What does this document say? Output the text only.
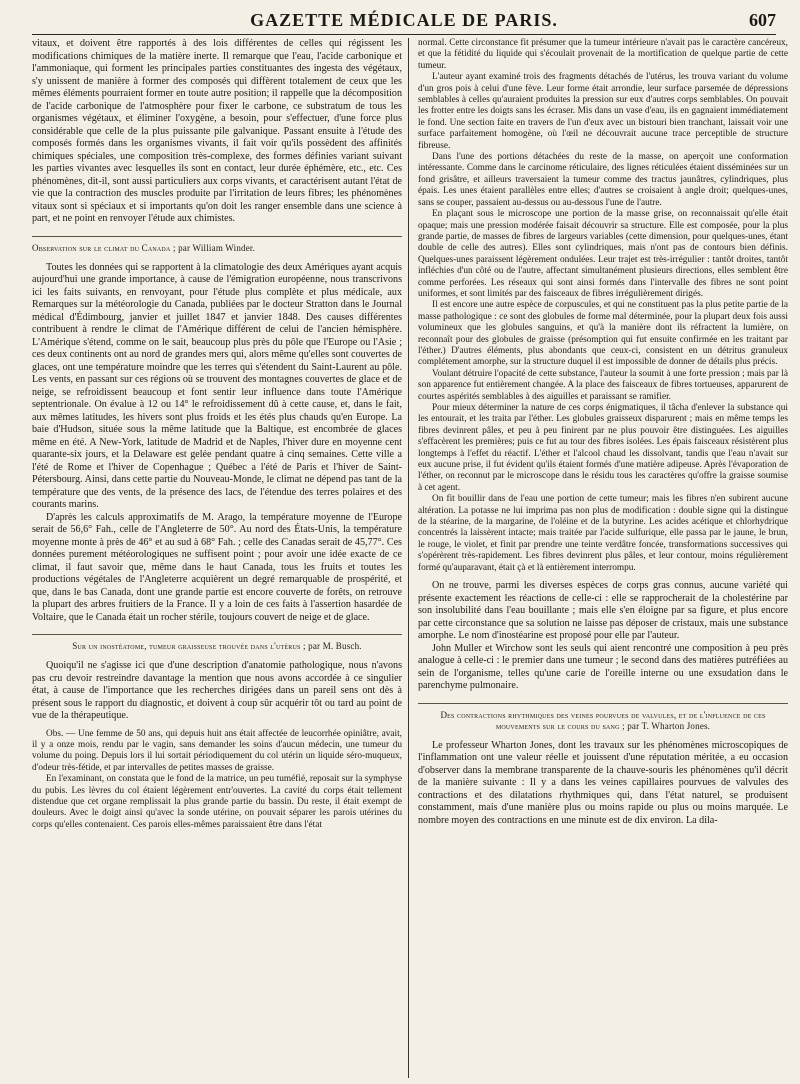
GAZETTE MÉDICALE DE PARIS.	607

vitaux, et doivent être rapportés à des lois différentes de celles qui régissent les modifications chimiques de la matière inerte. Il remarque que l'eau, l'acide carbonique et l'ammoniaque, qui forment les principales parties constituantes des ingesta des végétaux, s'y unissent de manière à former des composés qui diffèrent totalement de ceux que les mêmes éléments pourraient former en toute autre position; il rappelle que la décomposition de l'acide carbonique de l'atmosphère pour fixer le carbone, ce substratum de tous les organismes végétaux, et éliminer l'oxygène, a besoin, pour s'effectuer, d'une force plus considérable que celle de la plus puissante pile galvanique. Passant ensuite à l'étude des composés formés dans les organismes vivants, il fait voir qu'ils possèdent des affinités chimiques spéciales, une composition très-complexe, des formes définies variant suivant les parties vivantes avec lesquelles ils sont en contact, leur durée éphémère, etc., etc. Ces phénomènes, dit-il, sont aussi particuliers aux corps vivants, et caractérisent autant l'état de vie que la contraction des muscles produite par l'irritation de leurs fibres; les phénomènes vitaux sont si spéciaux et si importants qu'on doit les ranger ensemble dans une science à part, et ne point en renvoyer l'étude aux chimistes.

Observation sur le climat du Canada ; par William Winder.

Toutes les données qui se rapportent à la climatologie des deux Amériques ayant acquis aujourd'hui une grande importance, à cause de l'émigration européenne, nous transcrivons ici les faits suivants, en renvoyant, pour l'étude plus complète et plus médicale, aux Remarques sur la météorologie du Canada, publiées par le docteur Stratton dans le Journal médical d'Édimbourg, janvier et juillet 1847 et janvier 1848. Des causes différentes contribuent à rendre le climat de l'Amérique différent de celui de l'ancien hémisphère. L'Amérique s'étend, comme on le sait, beaucoup plus près du pôle que l'Europe ou l'Asie ; ces deux continents ont au nord de grandes mers qui, alors même qu'elles sont couvertes de glaces, ont une température moindre que les terres qui s'étendent du Saint-Laurent au pôle. Les vents, en passant sur ces régions où se trouvent des montagnes couvertes de glace et de neige, se refroidissent beaucoup et font sentir leur influence dans toute l'Amérique septentrionale. On évalue à 12 ou 14° le refroidissement dû à cette cause, et, dans le fait, aux mêmes latitudes, les hivers sont plus froids et les étés plus chauds qu'en Europe. La baie d'Hudson, située sous la même latitude que la Baltique, est encombrée de glaces même en été. A New-York, latitude de Madrid et de Naples, l'hiver dure en moyenne cent quarante-six jours, et la Delaware est gelée pendant quatre à cinq semaines. Cette ville a l'été de Rome et l'hiver de Copenhague ; Québec a l'été de Paris et l'hiver de Saint-Pétersbourg. Ainsi, dans cette partie du Nouveau-Monde, le climat ne dépend pas tant de la température que des vents, de la présence des lacs, de l'étendue des terres polaires et des courants marins.

D'après les calculs approximatifs de M. Arago, la température moyenne de l'Europe serait de 56,6° Fah., celle de l'Angleterre de 50°. Au nord des États-Unis, la température moyenne monte à près de 46° et au sud à 68° Fah. ; celle des Canadas serait de 45,77°. Ces données purement météorologiques ne suffisent point ; pour avoir une idée exacte de ce climat, il faut savoir que, même dans le haut Canada, tous les fruits et toutes les productions végétales de l'Angleterre acquièrent un degré remarquable de prospérité, et que, dans le bas Canada, dont une grande partie est encore couverte de forêts, on retrouve la plupart des arbres fruitiers de la France. Il y a loin de ces faits à l'assertion hasardée de Voltaire, que le Canada était un rocher stérile, toujours couvert de neige et de glace.

Sur un inostéatome, tumeur graisseuse trouvée dans l'utérus ; par M. Busch.

Quoiqu'il ne s'agisse ici que d'une description d'anatomie pathologique, nous n'avons pas cru devoir restreindre davantage la mention que nous avons accordée à ce singulier état, à cause de l'importance que les recherches dirigées dans un pareil sens ont dès à présent sous le rapport du diagnostic, et doivent à coup sûr acquérir tôt ou tard au point de vue de la thérapeutique.

Obs. — Une femme de 50 ans, qui depuis huit ans était affectée de leucorrhée opiniâtre, avait, il y a onze mois, rendu par le vagin, sans demander les soins d'aucun médecin, une tumeur du volume du poing. Depuis lors il lui sortait périodiquement du col utérin un liquide séro-muqueux, d'odeur très-fétide, et par intervalles de petites masses de graisse.

En l'examinant, on constata que le fond de la matrice, un peu tuméfié, reposait sur la symphyse du pubis. Les lèvres du col étaient légèrement entr'ouvertes. La cavité du corps était tellement distendue que cet organe remplissait la plus grande partie du bassin. Du reste, il était exempt de douleurs. Avec le doigt ainsi qu'avec la sonde utérine, on pouvait séparer les parois utérines du corps qu'elles contenaient. Ces parois elles-mêmes paraissaient être dans l'état

normal. Cette circonstance fit présumer que la tumeur intérieure n'avait pas le caractère cancéreux, et que la fétidité du liquide qui s'écoulait provenait de la mortification de quelque partie de cette tumeur.

L'auteur ayant examiné trois des fragments détachés de l'utérus, les trouva variant du volume d'un gros pois à celui d'une fève. Leur forme était arrondie, leur surface parsemée de dépressions semblables à celles qu'auraient produites la pression sur eux d'autres corps semblables. On pouvait les frotter entre les doigts sans les écraser. Mis dans un vase d'eau, ils en gagnaient immédiatement le fond. Une section faite en travers de l'un d'eux avec un bistouri bien tranchant, laissait voir une surface parfaitement homogène, où l'œil ne découvrait aucune trace perceptible de structure fibreuse.

Dans l'une des portions détachées du reste de la masse, on aperçoit une conformation intéressante. Comme dans le carcinome réticulaire, des lignes réticulées étaient disséminées sur un fond grisâtre, et ailleurs traversaient la tumeur comme des tractus jaunâtres, cylindriques, plus épais. Les unes étaient parallèles entre elles; d'autres se croisaient à angle droit; quelques-unes, sans se couper, passaient au-dessus ou au-dessous l'une de l'autre.

En plaçant sous le microscope une portion de la masse grise, on reconnaissait qu'elle était opaque; mais une pression modérée faisait découvrir sa structure. Elle est composée, pour la plus grande partie, de masses de fibres de largeurs variables (cette dimension, pour quelques-unes, étant double de celle des autres). Elles sont cylindriques, mais n'ont pas de contours bien définis. Quelques-unes paraissent légèrement ondulées. Leur trajet est très-irrégulier : tantôt droites, tantôt infléchies d'un côté ou de l'autre, affectant simultanément plusieurs directions, elles semblent être comme perforées. Les réseaux qui sont ainsi formés dans l'intervalle des fibres ne sont point uniformes, et sont limités par des faisceaux de fibres irrégulièrement dirigés.

Il est encore une autre espèce de corpuscules, et qui ne constituent pas la plus petite partie de la masse pathologique : ce sont des globules de forme mal déterminée, pour la plupart deux fois aussi volumineux que les globules sanguins, et qu'à la manière dont ils réfractent la lumière, on reconnaît pour des globules de graisse (présomption qui fut ensuite confirmée en les traitant par l'éther.) D'autres éléments, plus abondants que ceux-ci, consistent en un détritus granuleux complétement amorphe, sur la structure duquel il est impossible de donner de détails plus précis.

Voulant détruire l'opacité de cette substance, l'auteur la soumit à une forte pression ; mais par là son apparence fut entièrement changée. A la place des faisceaux de fibres tortueuses, apparurent de courtes aspérités semblables à des aiguilles et paraissant se ramifier.

Pour mieux déterminer la nature de ces corps énigmatiques, il tâcha d'enlever la substance qui les entourait, et les traita par l'éther. Les globules graisseux disparurent ; mais en même temps les fibres devinrent pâles, et peu à peu finirent par ne plus pouvoir être distinguées. Les aiguilles s'effacèrent les premières; puis ce fut au tour des fibres isolées. Les épais faisceaux résistèrent plus longtemps à l'effet du réactif. L'éther et l'alcool chaud les dissolvant, tandis que l'eau n'avait sur eux aucune prise, il fut évident qu'ils étaient formés d'une matière adipeuse. Après l'évaporation de l'éther, on reconnut par le microscope dans le résidu tous les caractères qu'offre la graisse soumise à cet agent.

On fit bouillir dans de l'eau une portion de cette tumeur; mais les fibres n'en subirent aucune altération. La potasse ne lui imprima pas non plus de modification : double signe qui la distingue de la stéarine, de la margarine, de l'oléine et de la butyrine. Les acides acétique et chlorhydrique concentrés la laissèrent intacte; mais traitée par l'acide sulfurique, elle passa par le jaune, le brun, le rouge, le violet, et finit par prendre une teinte verdâtre foncée, transformations successives qui s'opérèrent très-rapidement. Les fibres devinrent plus pâles, et leur contour, moins régulièrement formé qu'auparavant, était çà et là entièrement interrompu.

On ne trouve, parmi les diverses espèces de corps gras connus, aucune variété qui présente exactement les réactions de celle-ci : elle se rapprocherait de la cholestérine par son insolubilité dans l'eau bouillante ; mais elle s'en éloigne par sa figure, et plus encore par cette circonstance que sa solution ne laisse pas déposer de cristaux, mais une substance amorphe. Le nom d'inostéarine est proposé pour elle par l'auteur.

John Muller et Wirchow sont les seuls qui aient rencontré une composition à peu près analogue à celle-ci : le premier dans une tumeur ; le second dans des matières putréfiées au sein de l'organisme, telles qu'une carie de l'oreille interne ou une exsudation dans le parenchyme pulmonaire.

Des contractions rhythmiques des veines pourvues de valvules, et de l'influence de ces mouvements sur le cours du sang ; par T. Wharton Jones.

Le professeur Wharton Jones, dont les travaux sur les phénomènes microscopiques de l'inflammation ont une valeur réelle et jouissent d'une réputation méritée, a eu occasion d'observer dans la membrane transparente de la chauve-souris les phénomènes qu'il décrit de la manière suivante : Il y a dans les veines capillaires pourvues de valvules des contractions et des dilatations rhythmiques qui, dans l'état naturel, se produisent constamment, mais d'une manière plus ou moins rapide ou plus ou moins marquée. Le nombre moyen des contractions en une minute est de dix environ. La dila-
